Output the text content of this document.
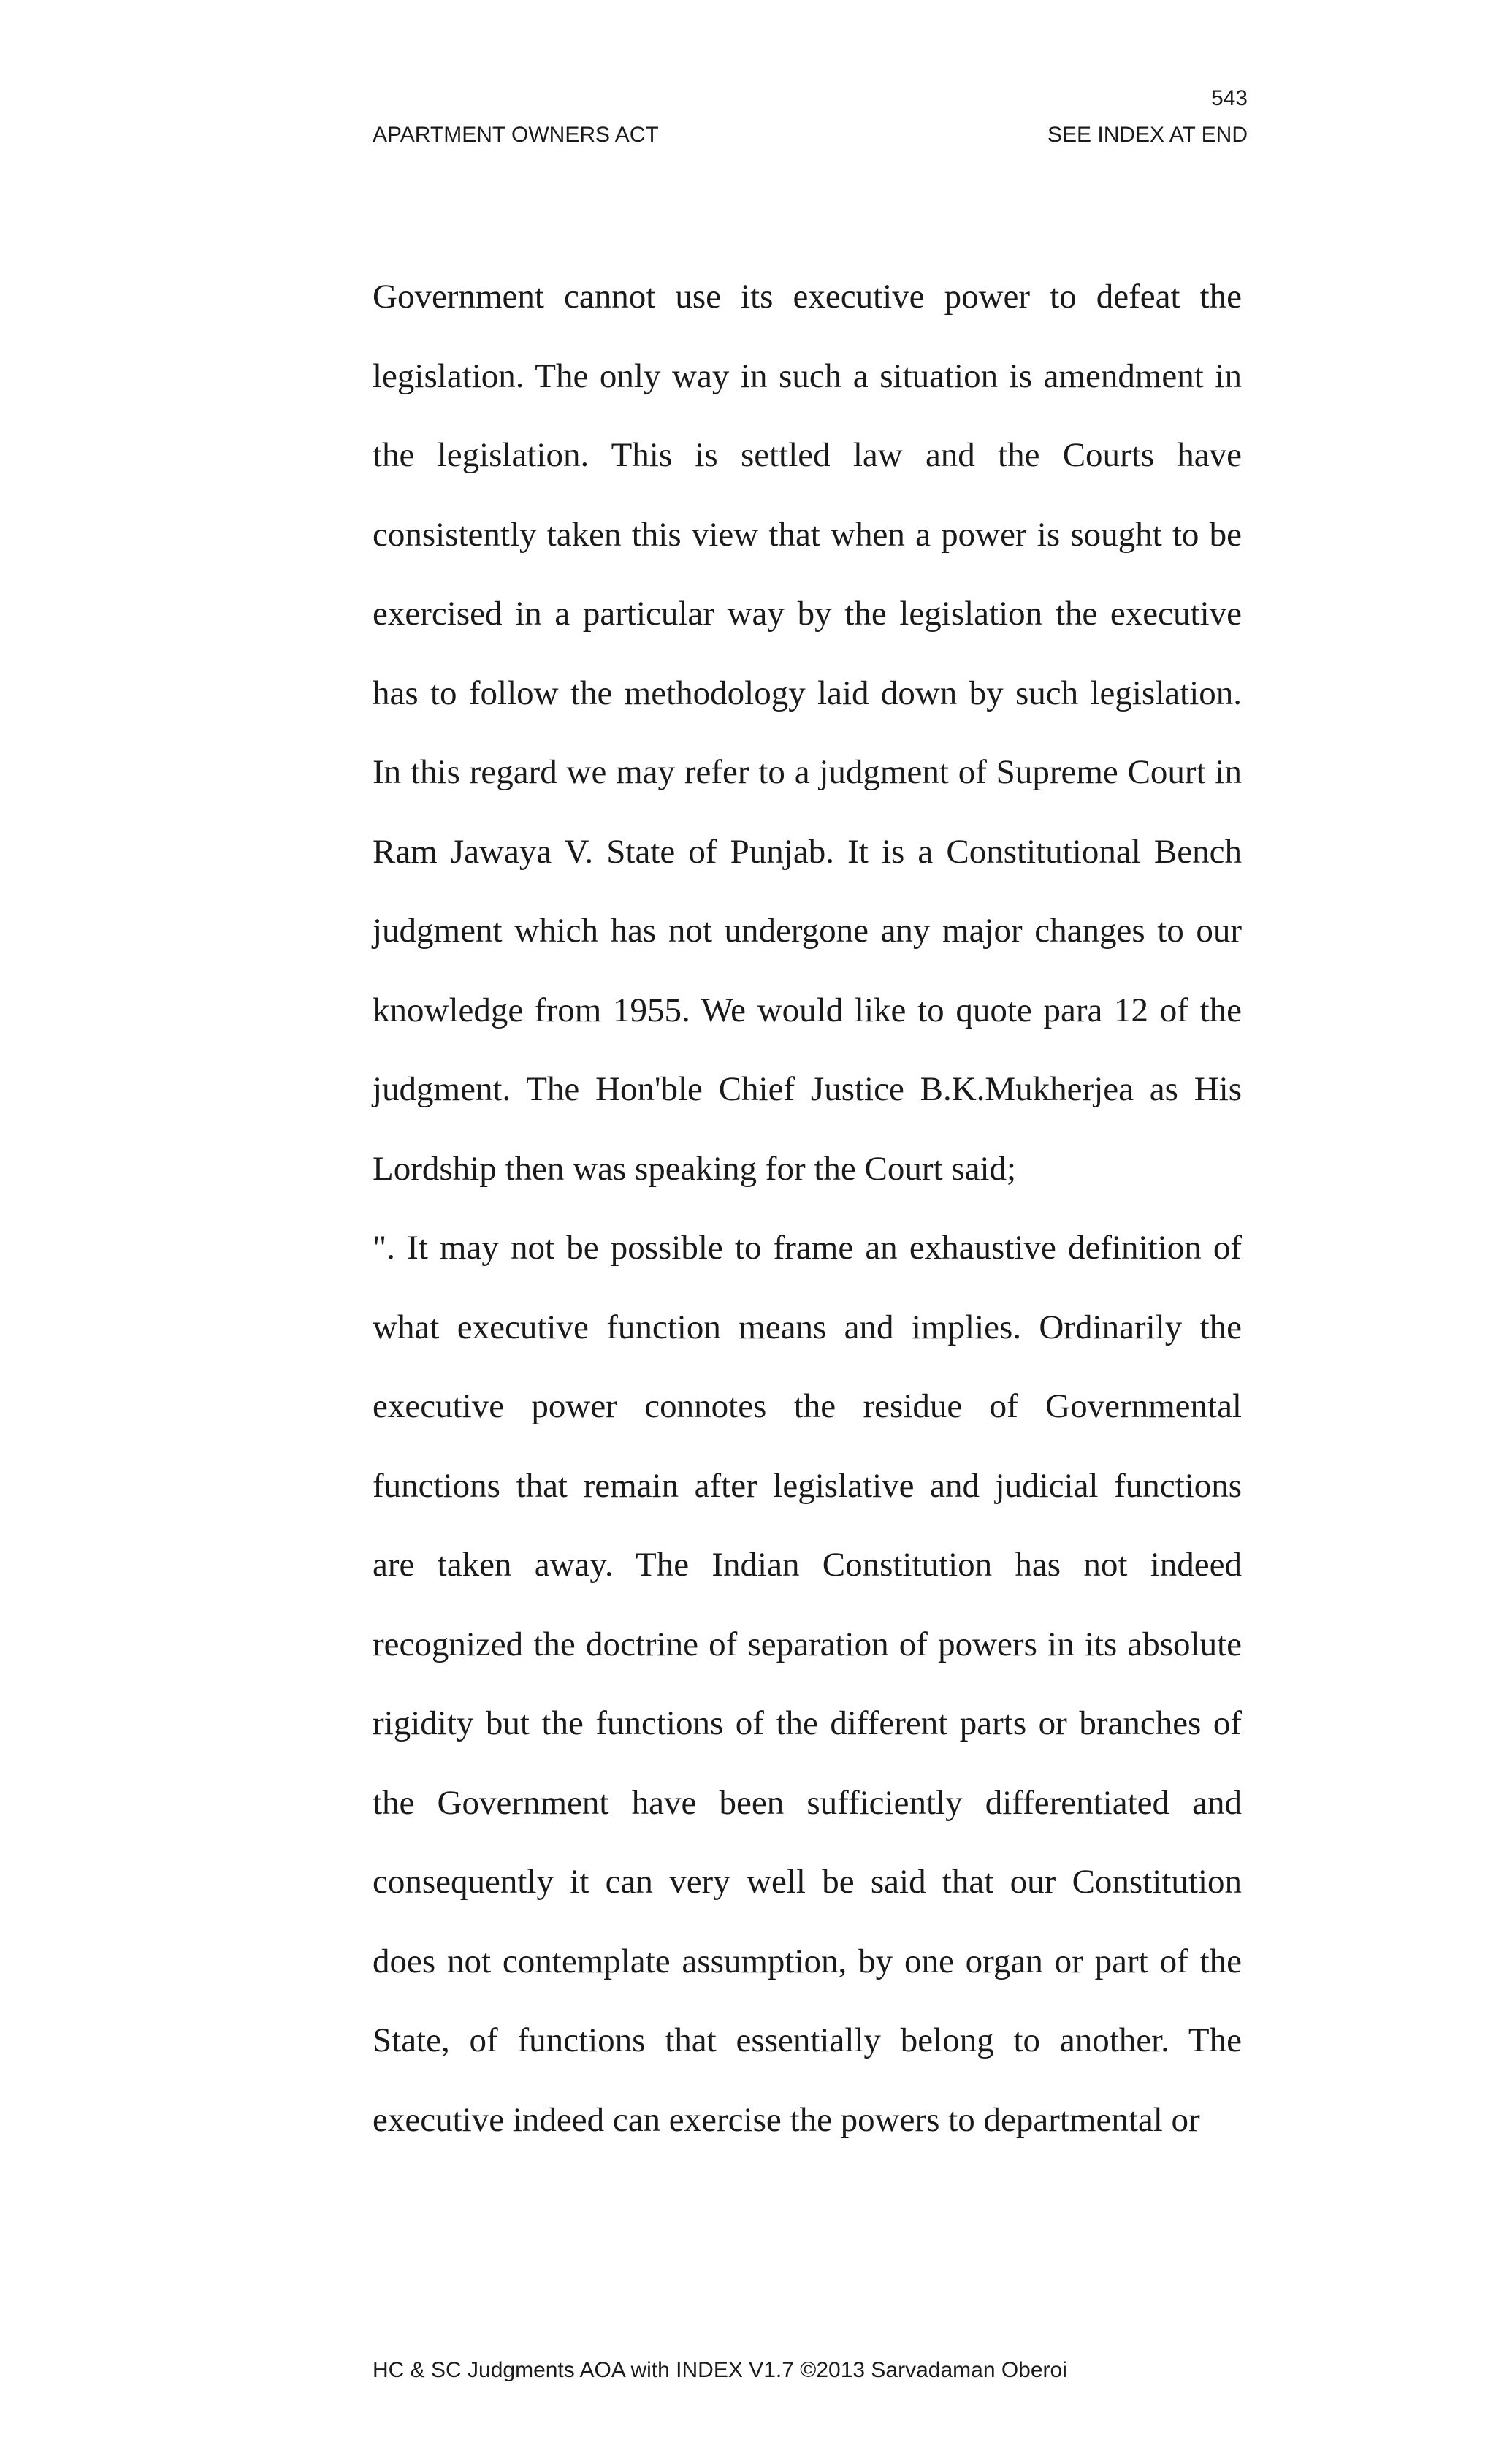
543
APARTMENT OWNERS ACT	SEE INDEX AT END

Government cannot use its executive power to defeat the legislation. The only way in such a situation is amendment in the legislation. This is settled law and the Courts have consistently taken this view that when a power is sought to be exercised in a particular way by the legislation the executive has to follow the methodology laid down by such legislation. In this regard we may refer to a judgment of Supreme Court in Ram Jawaya V. State of Punjab. It is a Constitutional Bench judgment which has not undergone any major changes to our knowledge from 1955. We would like to quote para 12 of the judgment. The Hon'ble Chief Justice B.K.Mukherjea as His Lordship then was speaking for the Court said;

". It may not be possible to frame an exhaustive definition of what executive function means and implies. Ordinarily the executive power connotes the residue of Governmental functions that remain after legislative and judicial functions are taken away. The Indian Constitution has not indeed recognized the doctrine of separation of powers in its absolute rigidity but the functions of the different parts or branches of the Government have been sufficiently differentiated and consequently it can very well be said that our Constitution does not contemplate assumption, by one organ or part of the State, of functions that essentially belong to another. The executive indeed can exercise the powers to departmental or

HC & SC Judgments AOA with INDEX V1.7 ©2013 Sarvadaman Oberoi
